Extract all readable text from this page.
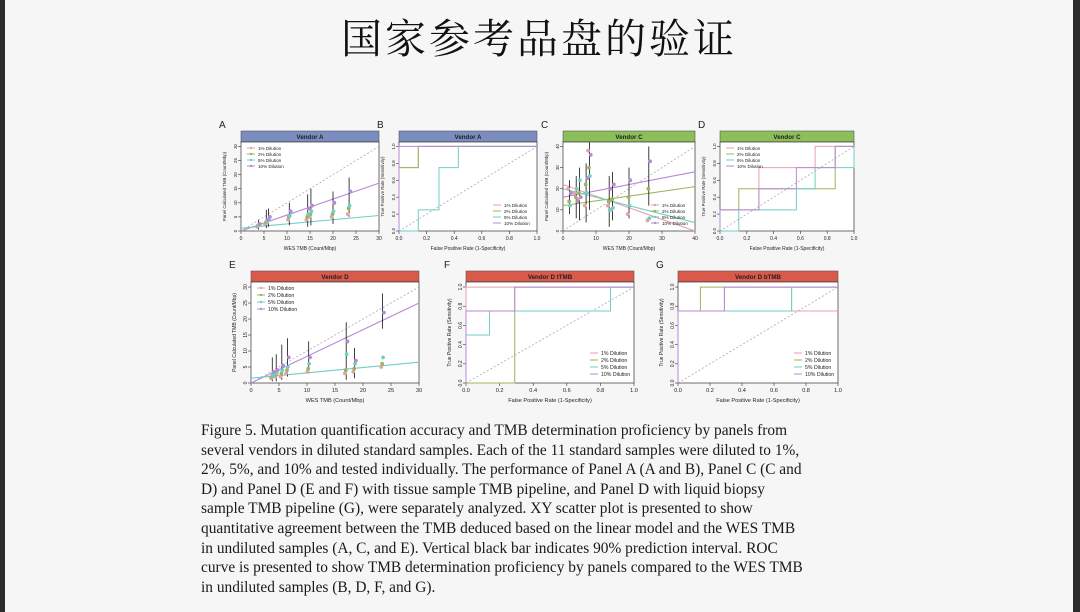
国家参考品盘的验证
A
Vendor A
0	5	10	15	20	25	30
0
5
10
15
20
25
30
WES TMB (Count/Mbp)
Panel Calculated TMB (Count/Mbp)
1% Dilution
2% Dilution
5% Dilution
10% Dilution
B
Vendor A
0.0	0.2	0.4	0.6	0.8	1.0
0.0
0.2
0.4
0.6
0.8
1.0
False Positive Rate (1-Specificity)
True Positive Rate (Sensitivity)	1% Dilution
2% Dilution
5% Dilution
10% Dilution
C
Vendor C
0	10	20	30	40
0
10
20
30
40
WES TMB (Count/Mbp)
Panel Calculated TMB (Count/Mbp)	1% Dilution
2% Dilution
5% Dilution
10% Dilution
D
Vendor C
0.0	0.2	0.4	0.6	0.8	1.0
0.0
0.2
0.4
0.6
0.8
1.0
False Positive Rate (1-Specificity)
True Positive Rate (Sensitivity)
1% Dilution
2% Dilution
5% Dilution
10% Dilution
E
Vendor D
0	5	10	15	20	25	30
0
5
10
15
20
25
30
WES TMB (Count/Mbp)
Panel Calculated TMB (Count/Mbp)
1% Dilution
2% Dilution
5% Dilution
10% Dilution
F
Vendor D tTMB
0.0	0.2	0.4	0.6	0.8	1.0
0.0
0.2
0.4
0.6
0.8
1.0
False Positive Rate (1-Specificity)
True Positive Rate (Sensitivity)	1% Dilution
2% Dilution
5% Dilution
10% Dilution
G
Vendor D bTMB
0.0	0.2	0.4	0.6	0.8	1.0
0.0
0.2
0.4
0.6
0.8
1.0
False Positive Rate (1-Specificity)
True Positive Rate (Sensitivity)	1% Dilution
2% Dilution
5% Dilution
10% Dilution
Figure 5. Mutation quantification accuracy and TMB determination proficiency by panels from
several vendors in diluted standard samples. Each of the 11 standard samples were diluted to 1%,
2%, 5%, and 10% and tested individually. The performance of Panel A (A and B), Panel C (C and
D) and Panel D (E and F) with tissue sample TMB pipeline, and Panel D with liquid biopsy
sample TMB pipeline (G), were separately analyzed. XY scatter plot is presented to show
quantitative agreement between the TMB deduced based on the linear model and the WES TMB
in undiluted samples (A, C, and E). Vertical black bar indicates 90% prediction interval. ROC
curve is presented to show TMB determination proficiency by panels compared to the WES TMB
in undiluted samples (B, D, F, and G).
